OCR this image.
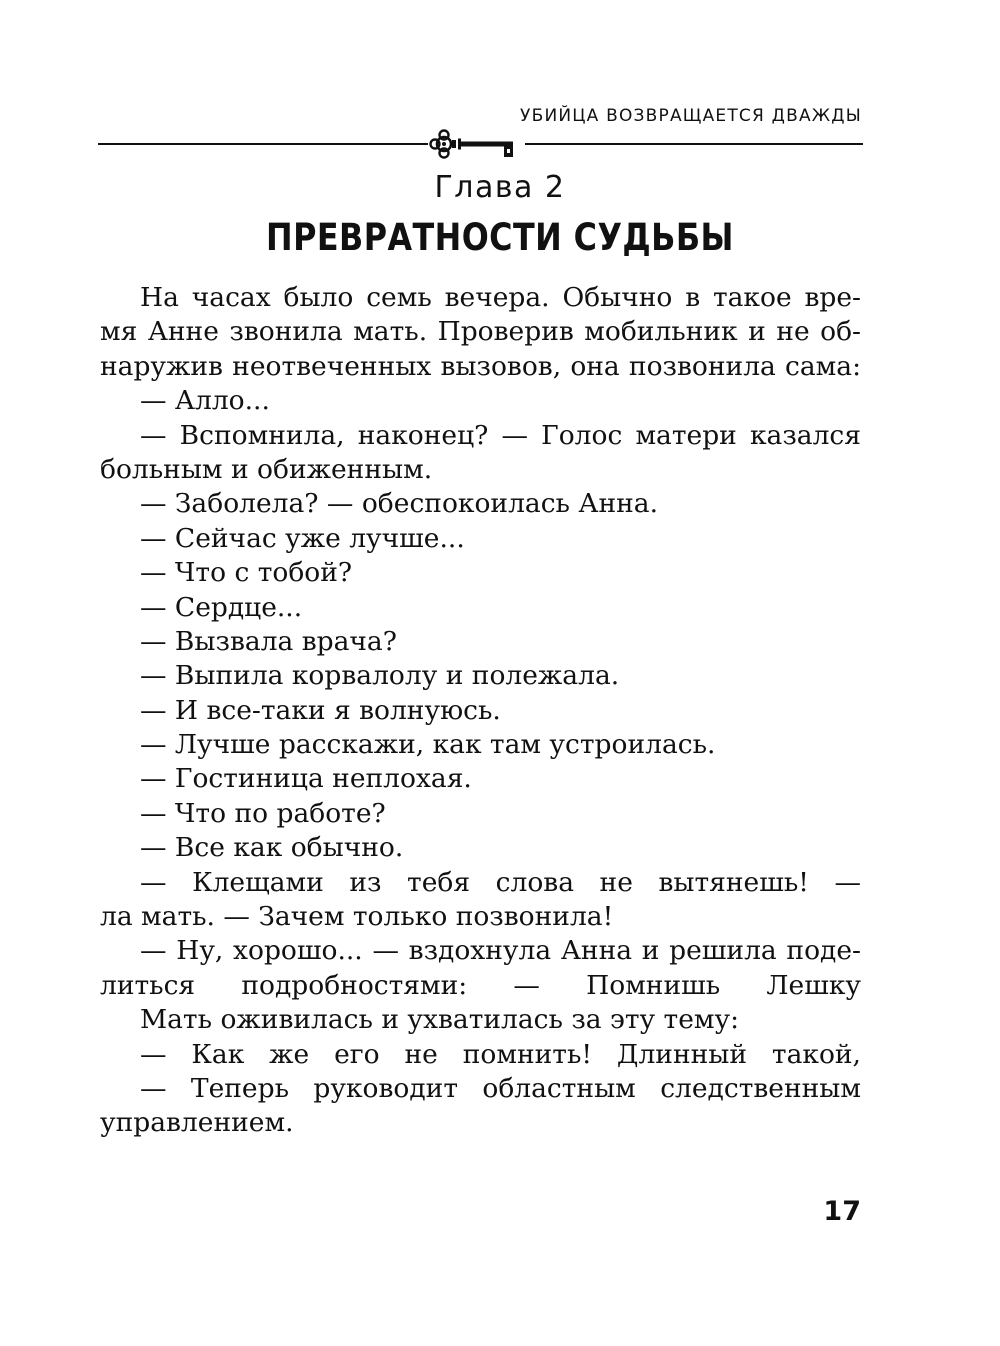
УБИЙЦА ВОЗВРАЩАЕТСЯ ДВАЖДЫ
Глава 2
ПРЕВРАТНОСТИ СУДЬБЫ
На часах было семь вечера. Обычно в такое вре-
мя Анне звонила мать. Проверив мобильник и не об-
наружив неотвеченных вызовов, она позвонила сама:
— Алло...
— Вспомнила, наконец? — Голос матери казался
больным и обиженным.
— Заболела? — обеспокоилась Анна.
— Сейчас уже лучше...
— Что с тобой?
— Сердце...
— Вызвала врача?
— Выпила корвалолу и полежала.
— И все-таки я волнуюсь.
— Лучше расскажи, как там устроилась.
— Гостиница неплохая.
— Что по работе?
— Все как обычно.
— Клещами из тебя слова не вытянешь! —
ла мать. — Зачем только позвонила!
— Ну, хорошо... — вздохнула Анна и решила поде-
литься подробностями: — Помнишь Лешку
Мать оживилась и ухватилась за эту тему:
— Как же его не помнить! Длинный такой,
— Теперь руководит областным следственным
управлением.
17
